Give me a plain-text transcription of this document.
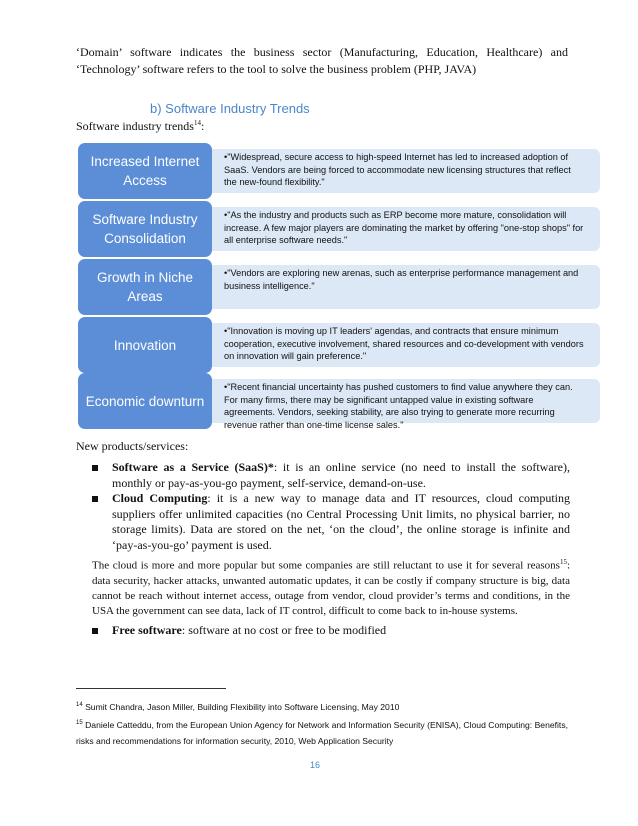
‘Domain’ software indicates the business sector (Manufacturing, Education, Healthcare) and ‘Technology’ software refers to the tool to solve the business problem (PHP, JAVA)
b) Software Industry Trends
Software industry trends$^{14}$:
Increased Internet Access
•"Widespread, secure access to high-speed Internet has led to increased adoption of SaaS. Vendors are being forced to accommodate new licensing structures that reflect the new-found flexibility."
Software Industry Consolidation
•"As the industry and products such as ERP become more mature, consolidation will increase. A few major players are dominating the market by offering "one-stop shops" for all enterprise software needs."
Growth in Niche Areas
•"Vendors are exploring new arenas, such as enterprise performance management and business intelligence."
Innovation
•"Innovation is moving up IT leaders' agendas, and contracts that ensure minimum cooperation, executive involvement, shared resources and co-development with vendors on innovation will gain preference."
Economic downturn
•"Recent financial uncertainty has pushed customers to find value anywhere they can. For many firms, there may be significant untapped value in existing software agreements. Vendors, seeking stability, are also trying to generate more recurring revenue rather than one-time license sales."
New products/services:
Software as a Service (SaaS)*: it is an online service (no need to install the software), monthly or pay-as-you-go payment, self-service, demand-on-use.
Cloud Computing: it is a new way to manage data and IT resources, cloud computing suppliers offer unlimited capacities (no Central Processing Unit limits, no physical barrier, no storage limits). Data are stored on the net, ‘on the cloud’, the online storage is infinite and ‘pay-as-you-go’ payment is used.
The cloud is more and more popular but some companies are still reluctant to use it for several reasons$^{15}$: data security, hacker attacks, unwanted automatic updates, it can be costly if company structure is big, data cannot be reach without internet access, outage from vendor, cloud provider’s terms and conditions, in the USA the government can see data, lack of IT control, difficult to come back to in-house systems.
Free software: software at no cost or free to be modified
$^{14}$ Sumit Chandra, Jason Miller, Building Flexibility into Software Licensing, May 2010
$^{15}$ Daniele Catteddu, from the European Union Agency for Network and Information Security (ENISA), Cloud Computing: Benefits, risks and recommendations for information security, 2010, Web Application Security
16
